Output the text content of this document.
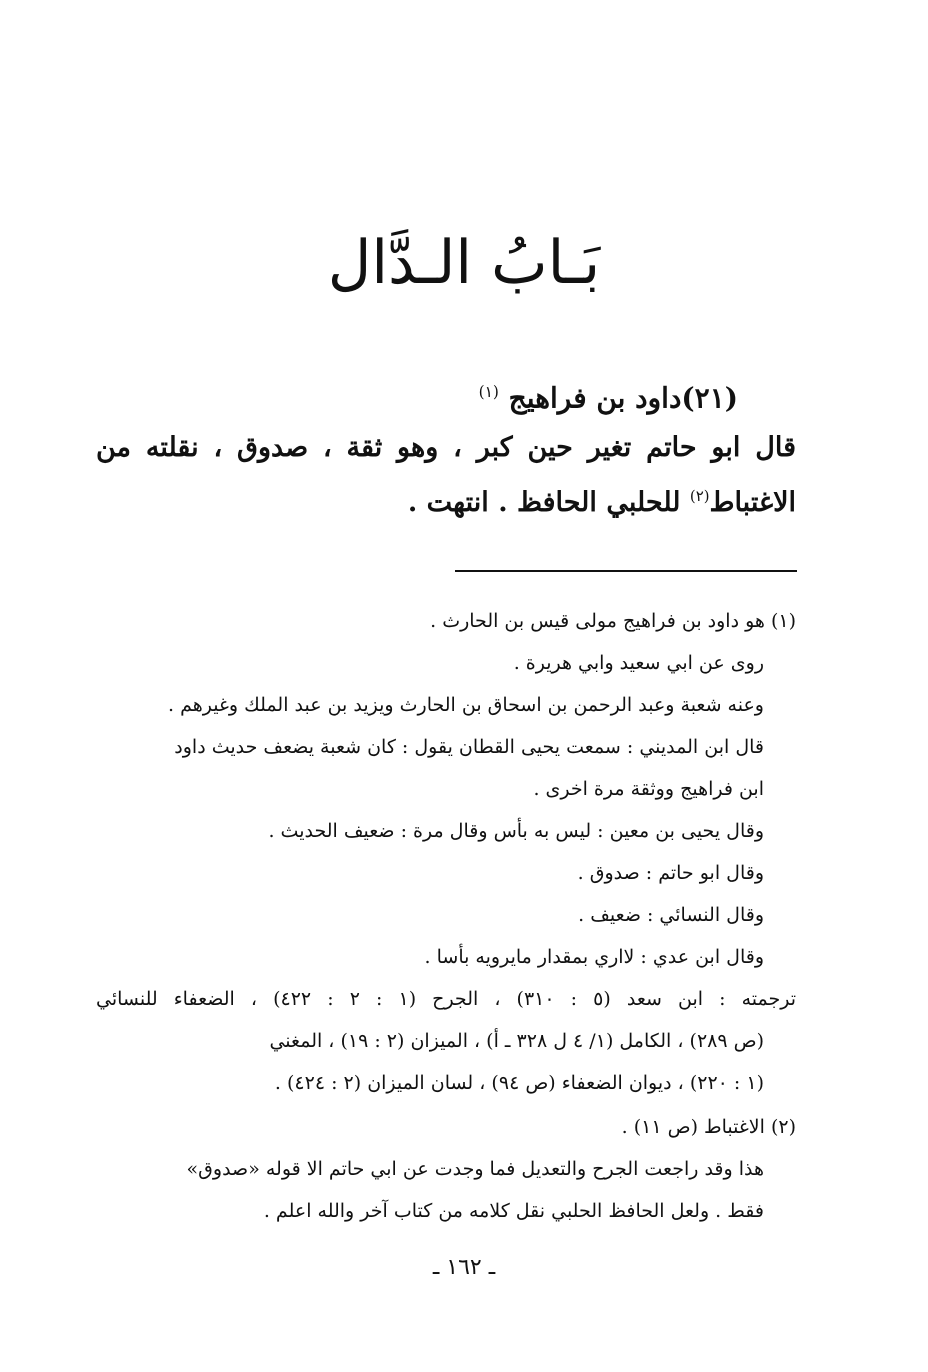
بَـابُ الـدَّال
(٢١)داود بن فراهيج $^{(١)}$
قال ابو حاتم تغير حين كبر ، وهو ثقة ، صدوق ، نقلته من
الاغتباط$^{(٢)}$ للحلبي الحافظ . انتهت .
(١) هو داود بن فراهيج مولى قيس بن الحارث .
روى عن ابي سعيد وابي هريرة .
وعنه شعبة وعبد الرحمن بن اسحاق بن الحارث ويزيد بن عبد الملك وغيرهم .
قال ابن المديني : سمعت يحيى القطان يقول : كان شعبة يضعف حديث داود
ابن فراهيج ووثقة مرة اخرى .
وقال يحيى بن معين : ليس به بأس وقال مرة : ضعيف الحديث .
وقال ابو حاتم : صدوق .
وقال النسائي : ضعيف .
وقال ابن عدي : لااري بمقدار مايرويه بأسا .
ترجمته : ابن سعد (٥ : ٣١٠) ، الجرح (١ : ٢ : ٤٢٢) ، الضعفاء للنسائي
(ص ٢٨٩) ، الكامل (١/ ٤ ل ٣٢٨ ـ أ) ، الميزان (٢ : ١٩) ، المغني
(١ : ٢٢٠) ، ديوان الضعفاء (ص ٩٤) ، لسان الميزان (٢ : ٤٢٤) .
(٢) الاغتباط (ص ١١) .
هذا وقد راجعت الجرح والتعديل فما وجدت عن ابي حاتم الا قوله «صدوق»
فقط . ولعل الحافظ الحلبي نقل كلامه من كتاب آخر والله اعلم .
ـ ١٦٢ ـ
